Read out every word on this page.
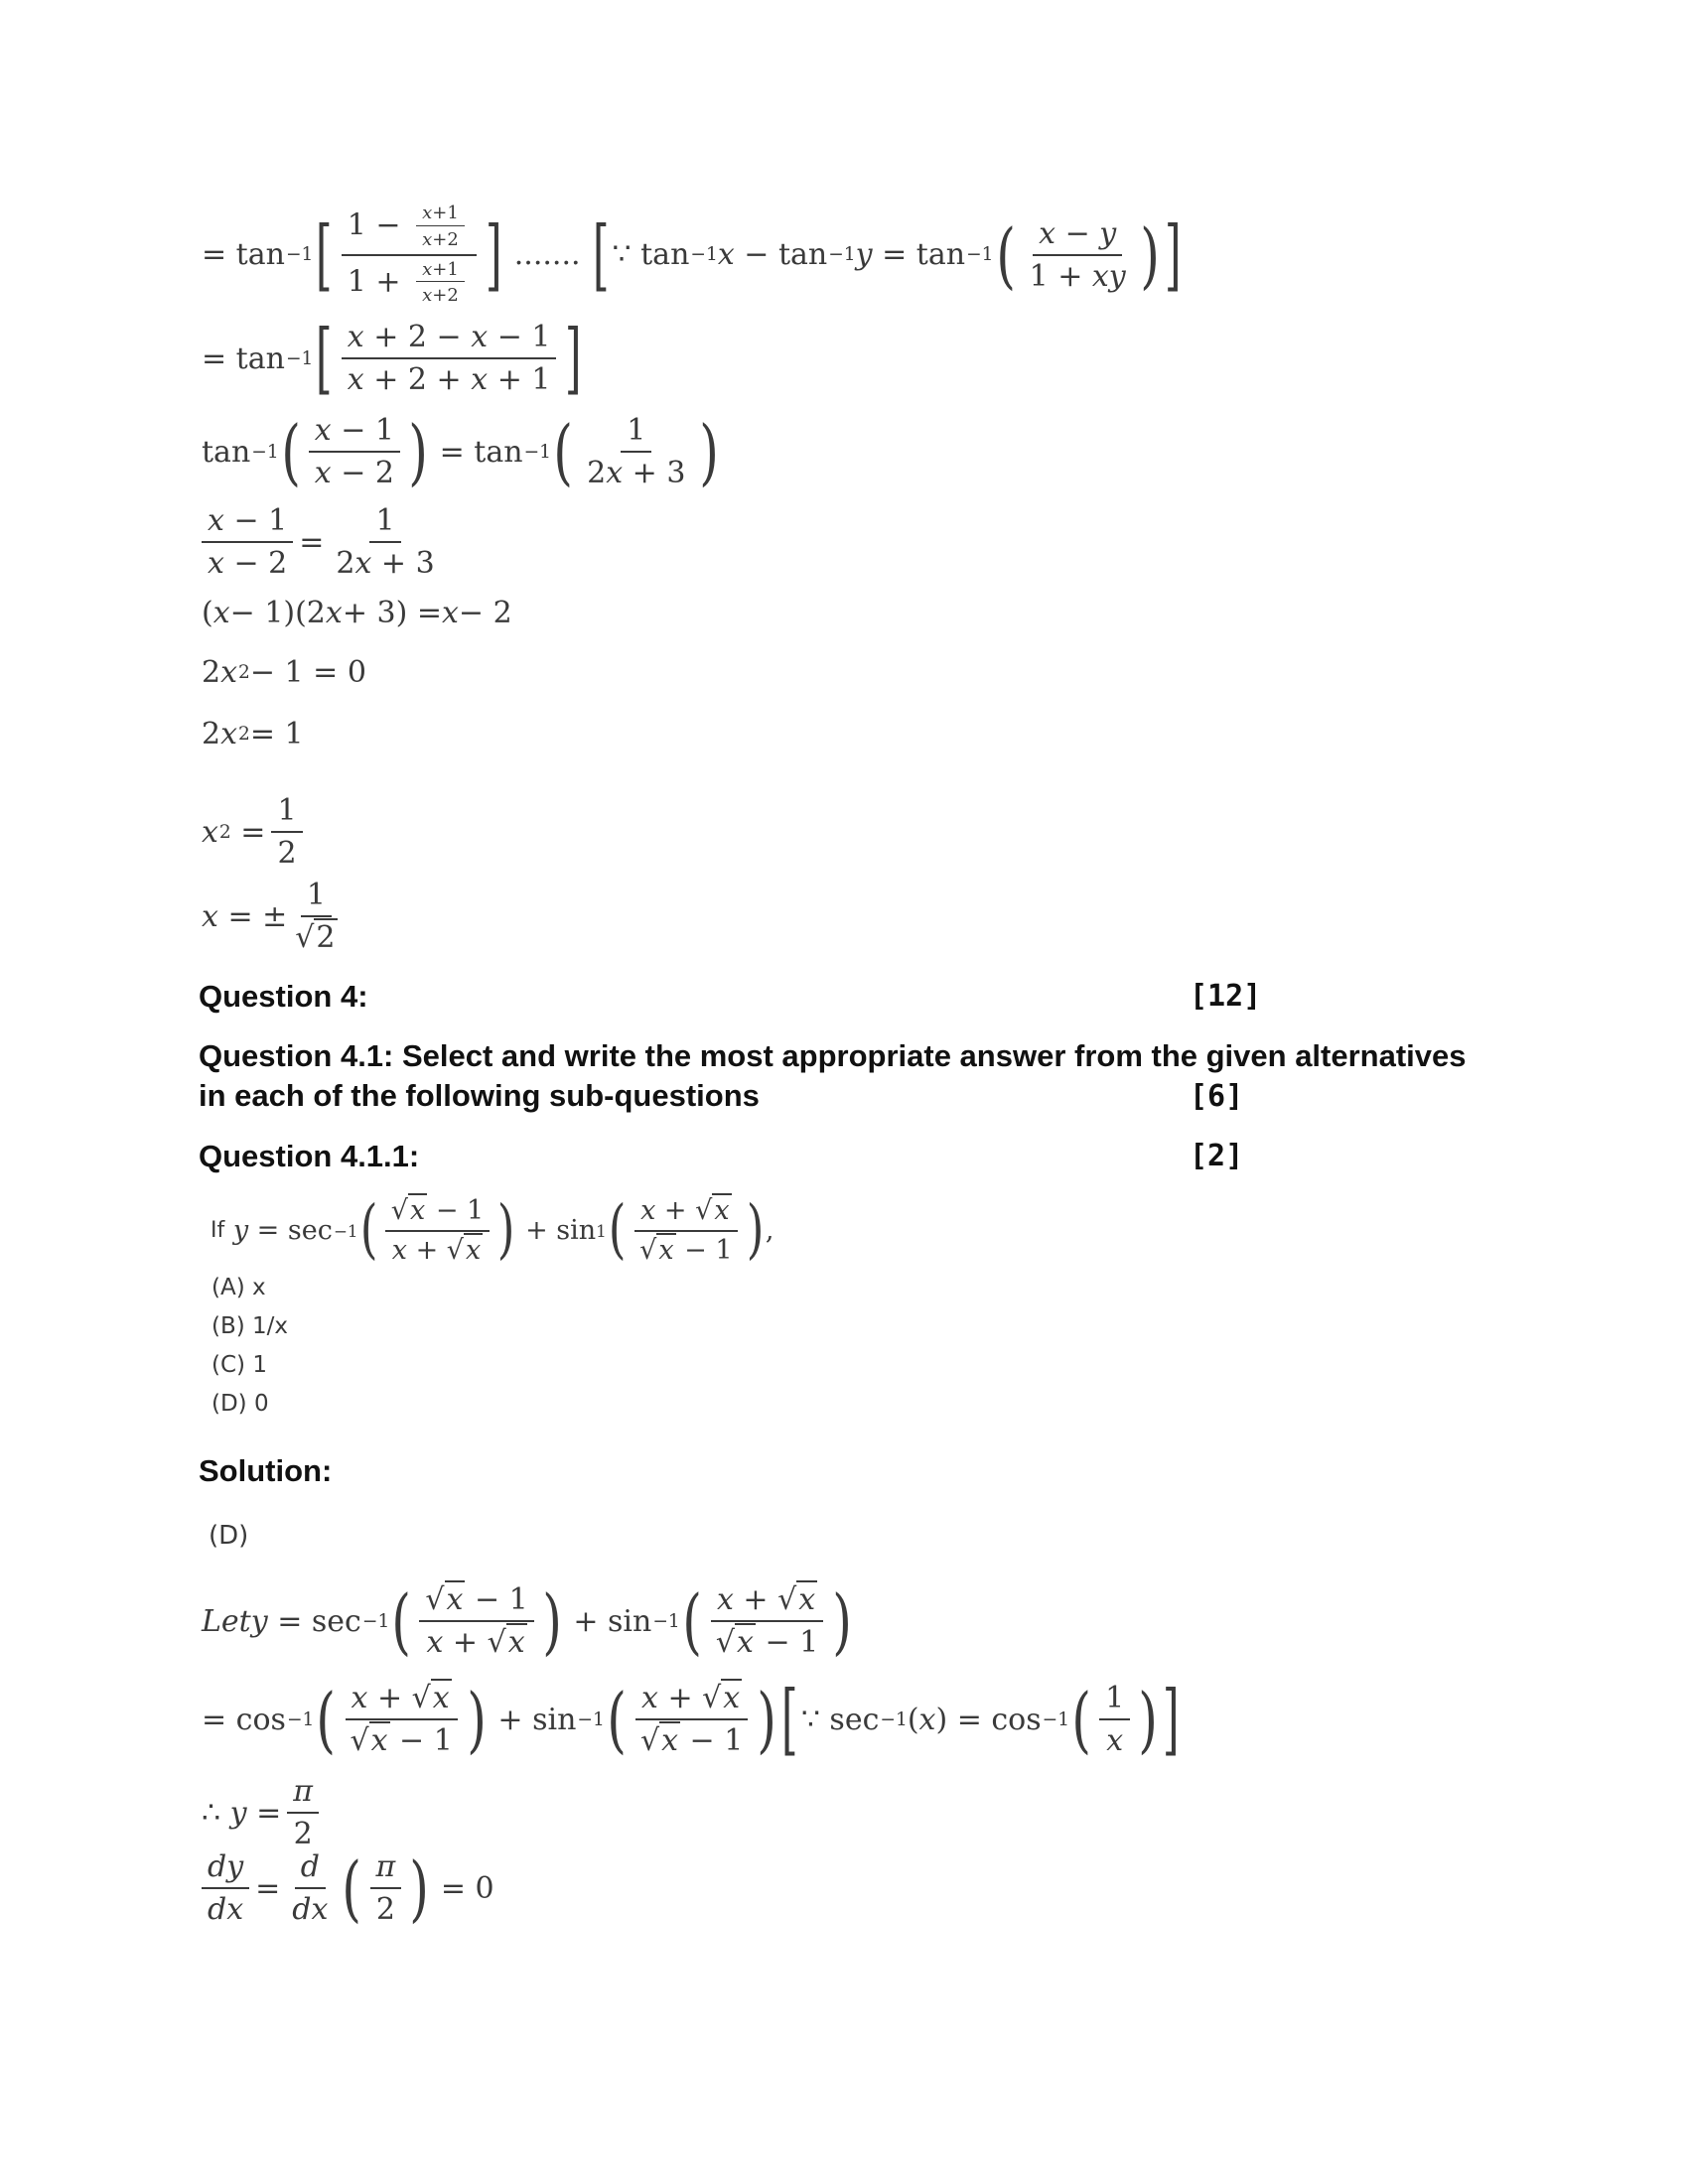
= tan −1 [ $\frac{1 - \frac{x+1}{x+2}}{1 + \frac{x+1}{x+2}}$ ] ....... [ ∵ tan −1 x − tan −1 y = tan −1 ( $\frac{x - y}{1 + xy}$ ) ]
= tan −1 [ $\frac{x + 2 - x - 1}{x + 2 + x + 1}$ ]
tan −1 ( $\frac{x - 1}{x - 2}$ ) = tan −1 ( $\frac{1}{2x + 3}$ )
$\frac{x - 1}{x - 2} = \frac{1}{2x + 3}$
( x − 1)(2 x + 3) = x − 2
2 x 2 − 1 = 0
2 x 2 = 1
x $2 = \frac{1}{2}$
x = ± $\frac{1}{√2}$
Question 4:	[12]
Question 4.1: Select and write the most appropriate answer from the given alternatives
in each of the following sub-questions	[6]
Question 4.1.1:	[2]
If
y = sec −1 ( $\frac{√x - 1}{x + √x}$ ) + sin 1 ( $\frac{x + √x}{√x - 1}$ ) ,
(A) x
(B) 1/x
(C) 1
(D) 0
Solution:
(D)
Lety = sec −1 ( $\frac{√x - 1}{x + √x}$ ) + sin −1 ( $\frac{x + √x}{√x - 1}$ )
= cos −1 ( $\frac{x + √x}{√x - 1}$ ) + sin −1 ( $\frac{x + √x}{√x - 1}$ ) [ ∵ sec −1 ( x ) = cos −1 ( $\frac{1}{x}$ ) ]
∴ $y = \frac{\pi}{2}$
$\frac{dy}{dx} = \frac{d}{dx}$ ( $\frac{\pi}{2}$ ) = 0
